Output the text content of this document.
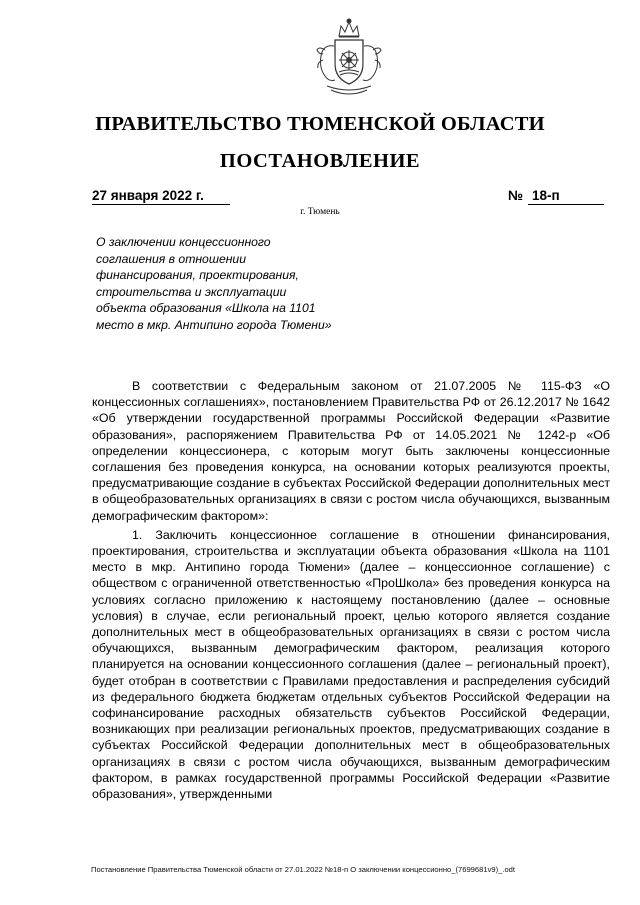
ПРАВИТЕЛЬСТВО ТЮМЕНСКОЙ ОБЛАСТИ
ПОСТАНОВЛЕНИЕ
27 января 2022 г.	№ 18-п
г. Тюмень
О заключении концессионного
соглашения в отношении
финансирования, проектирования,
строительства и эксплуатации
объекта образования «Школа на 1101
место в мкр. Антипино города Тюмени»

В соответствии с Федеральным законом от 21.07.2005 № 115-ФЗ «О концессионных соглашениях», постановлением Правительства РФ от 26.12.2017 № 1642 «Об утверждении государственной программы Российской Федерации «Развитие образования», распоряжением Правительства РФ от 14.05.2021 № 1242-р «Об определении концессионера, с которым могут быть заключены концессионные соглашения без проведения конкурса, на основании которых реализуются проекты, предусматривающие создание в субъектах Российской Федерации дополнительных мест в общеобразовательных организациях в связи с ростом числа обучающихся, вызванным демографическим фактором»:

1. Заключить концессионное соглашение в отношении финансирования, проектирования, строительства и эксплуатации объекта образования «Школа на 1101 место в мкр. Антипино города Тюмени» (далее – концессионное соглашение) с обществом с ограниченной ответственностью «ПроШкола» без проведения конкурса на условиях согласно приложению к настоящему постановлению (далее – основные условия) в случае, если региональный проект, целью которого является создание дополнительных мест в общеобразовательных организациях в связи с ростом числа обучающихся, вызванным демографическим фактором, реализация которого планируется на основании концессионного соглашения (далее – региональный проект), будет отобран в соответствии с Правилами предоставления и распределения субсидий из федерального бюджета бюджетам отдельных субъектов Российской Федерации на софинансирование расходных обязательств субъектов Российской Федерации, возникающих при реализации региональных проектов, предусматривающих создание в субъектах Российской Федерации дополнительных мест в общеобразовательных организациях в связи с ростом числа обучающихся, вызванным демографическим фактором, в рамках государственной программы Российской Федерации «Развитие образования», утвержденными

Постановление Правительства Тюменской области от 27.01.2022 №18-п О заключении концессионно_(7699681v9)_.odt
